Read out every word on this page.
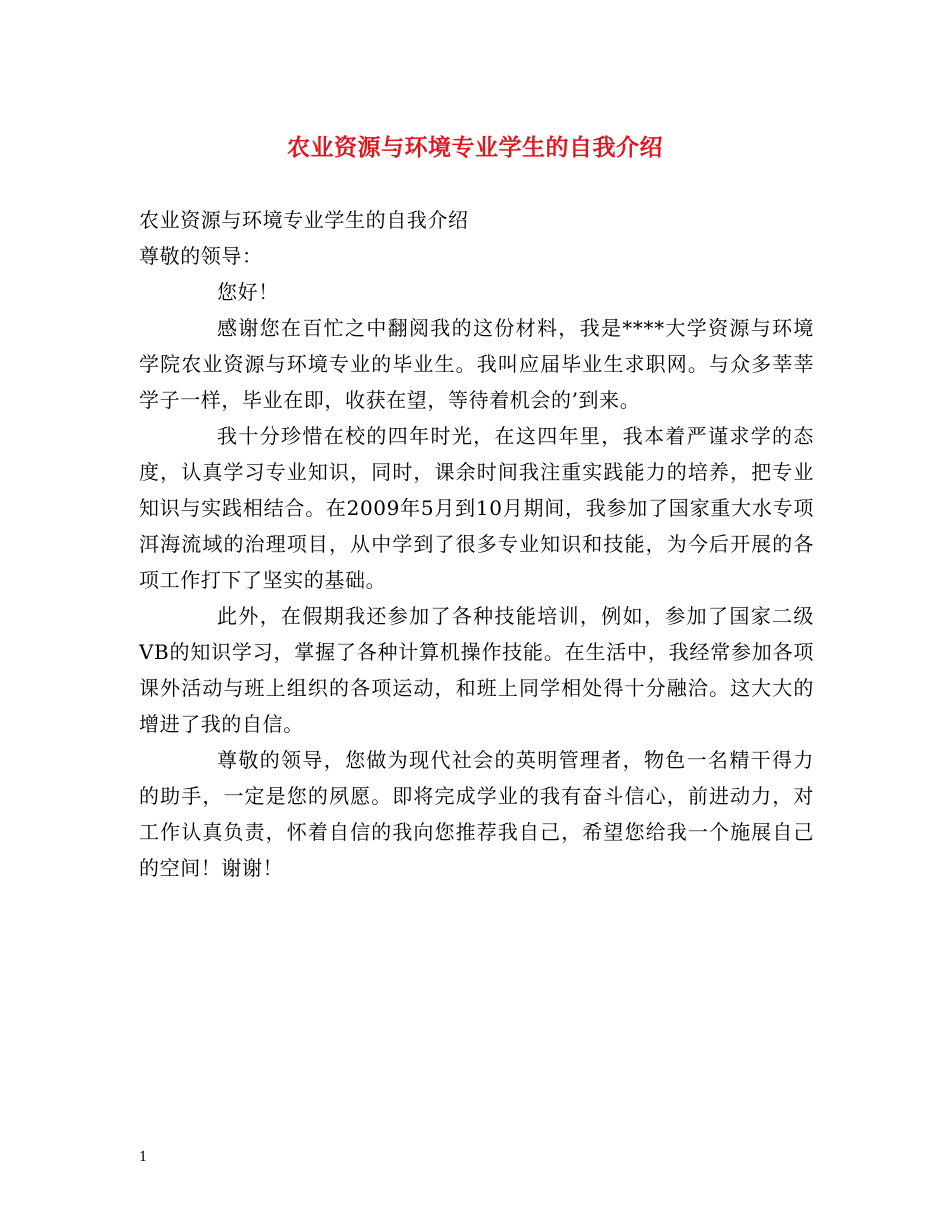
农业资源与环境专业学生的自我介绍

农业资源与环境专业学生的自我介绍

尊敬的领导：

您好！

感谢您在百忙之中翻阅我的这份材料，我是****大学资源与环境学院农业资源与环境专业的毕业生。我叫应届毕业生求职网。与众多莘莘学子一样，毕业在即，收获在望，等待着机会的’到来。

我十分珍惜在校的四年时光，在这四年里，我本着严谨求学的态度，认真学习专业知识，同时，课余时间我注重实践能力的培养，把专业知识与实践相结合。在2009年5月到10月期间，我参加了国家重大水专项洱海流域的治理项目，从中学到了很多专业知识和技能，为今后开展的各项工作打下了坚实的基础。

此外，在假期我还参加了各种技能培训，例如，参加了国家二级VB的知识学习，掌握了各种计算机操作技能。在生活中，我经常参加各项课外活动与班上组织的各项运动，和班上同学相处得十分融洽。这大大的增进了我的自信。

尊敬的领导，您做为现代社会的英明管理者，物色一名精干得力的助手，一定是您的夙愿。即将完成学业的我有奋斗信心，前进动力，对工作认真负责，怀着自信的我向您推荐我自己，希望您给我一个施展自己的空间！谢谢！

1
